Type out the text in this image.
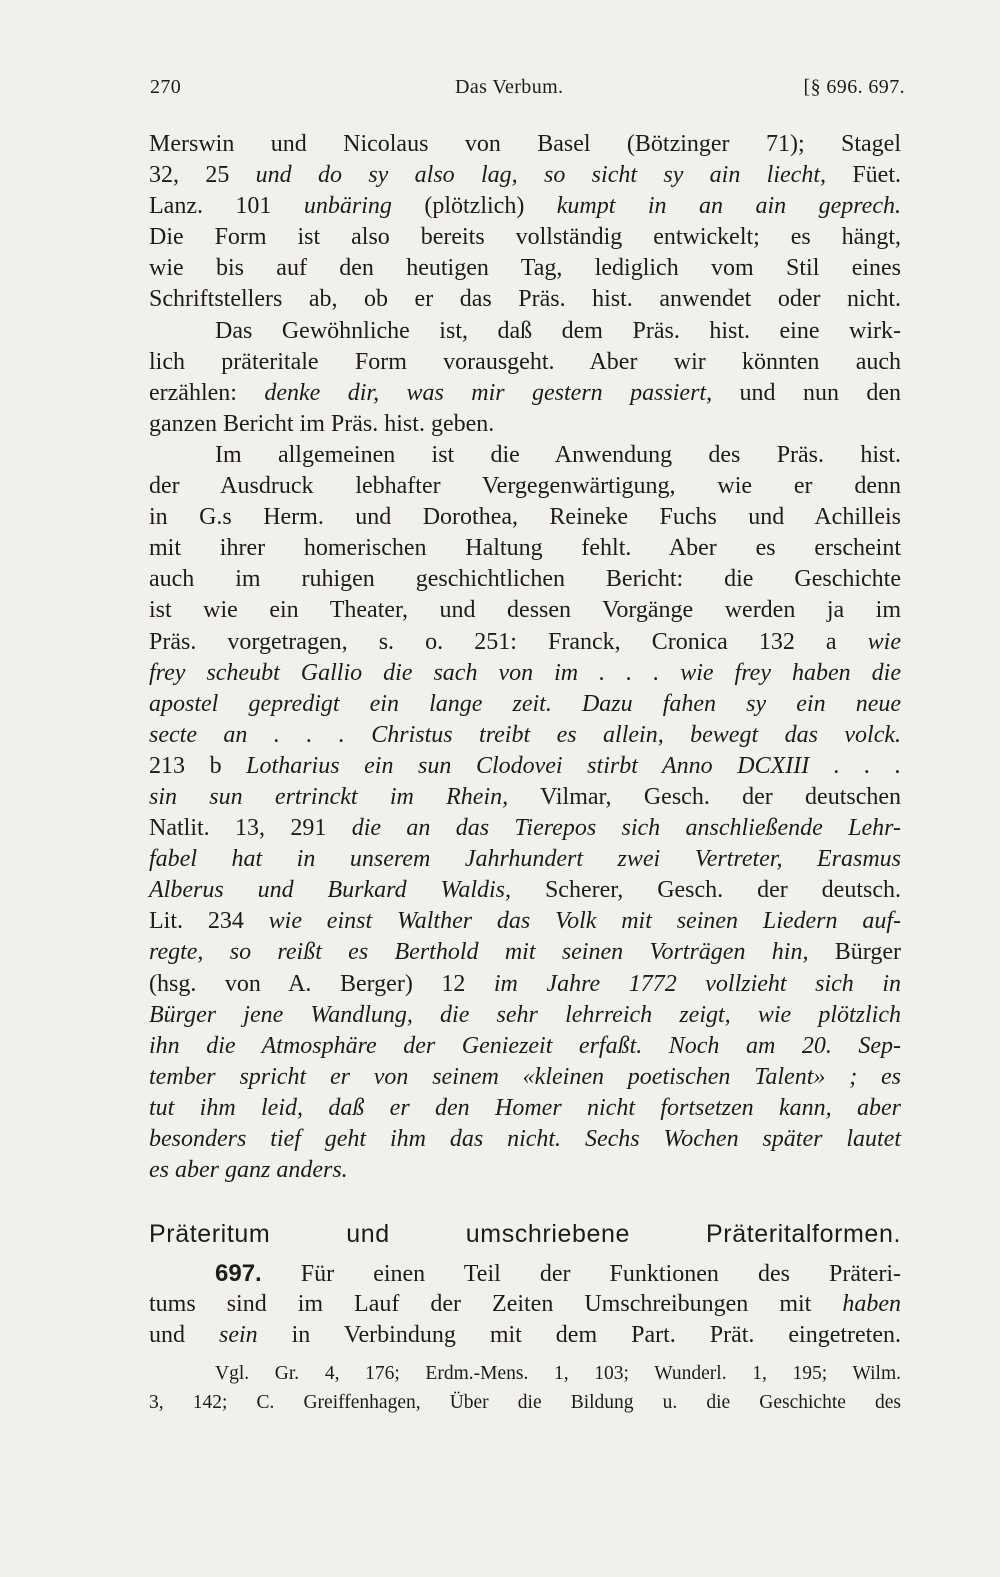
270	Das Verbum.	[§ 696. 697.
Merswin und Nicolaus von Basel (Bötzinger 71); Stagel
32, 25 und do sy also lag, so sicht sy ain liecht, Füet.
Lanz. 101 unbäring (plötzlich) kumpt in an ain geprech.
Die Form ist also bereits vollständig entwickelt; es hängt,
wie bis auf den heutigen Tag, lediglich vom Stil eines
Schriftstellers ab, ob er das Präs. hist. anwendet oder nicht.
Das Gewöhnliche ist, daß dem Präs. hist. eine wirk-
lich präteritale Form vorausgeht. Aber wir könnten auch
erzählen: denke dir, was mir gestern passiert, und nun den
ganzen Bericht im Präs. hist. geben.
Im allgemeinen ist die Anwendung des Präs. hist.
der Ausdruck lebhafter Vergegenwärtigung, wie er denn
in G.s Herm. und Dorothea, Reineke Fuchs und Achilleis
mit ihrer homerischen Haltung fehlt. Aber es erscheint
auch im ruhigen geschichtlichen Bericht: die Geschichte
ist wie ein Theater, und dessen Vorgänge werden ja im
Präs. vorgetragen, s. o. 251: Franck, Cronica 132 a wie
frey scheubt Gallio die sach von im . . . wie frey haben die
apostel gepredigt ein lange zeit. Dazu fahen sy ein neue
secte an . . . Christus treibt es allein, bewegt das volck.
213 b Lotharius ein sun Clodovei stirbt Anno DCXIII . . .
sin sun ertrinckt im Rhein, Vilmar, Gesch. der deutschen
Natlit. 13, 291 die an das Tierepos sich anschließende Lehr-
fabel hat in unserem Jahrhundert zwei Vertreter, Erasmus
Alberus und Burkard Waldis, Scherer, Gesch. der deutsch.
Lit. 234 wie einst Walther das Volk mit seinen Liedern auf-
regte, so reißt es Berthold mit seinen Vorträgen hin, Bürger
(hsg. von A. Berger) 12 im Jahre 1772 vollzieht sich in
Bürger jene Wandlung, die sehr lehrreich zeigt, wie plötzlich
ihn die Atmosphäre der Geniezeit erfaßt. Noch am 20. Sep-
tember spricht er von seinem «kleinen poetischen Talent» ; es
tut ihm leid, daß er den Homer nicht fortsetzen kann, aber
besonders tief geht ihm das nicht. Sechs Wochen später lautet
es aber ganz anders.
Präteritum und umschriebene Präteritalformen.
697. Für einen Teil der Funktionen des Präteri-
tums sind im Lauf der Zeiten Umschreibungen mit haben
und sein in Verbindung mit dem Part. Prät. eingetreten.
Vgl. Gr. 4, 176; Erdm.-Mens. 1, 103; Wunderl. 1, 195; Wilm.
3, 142; C. Greiffenhagen, Über die Bildung u. die Geschichte des
